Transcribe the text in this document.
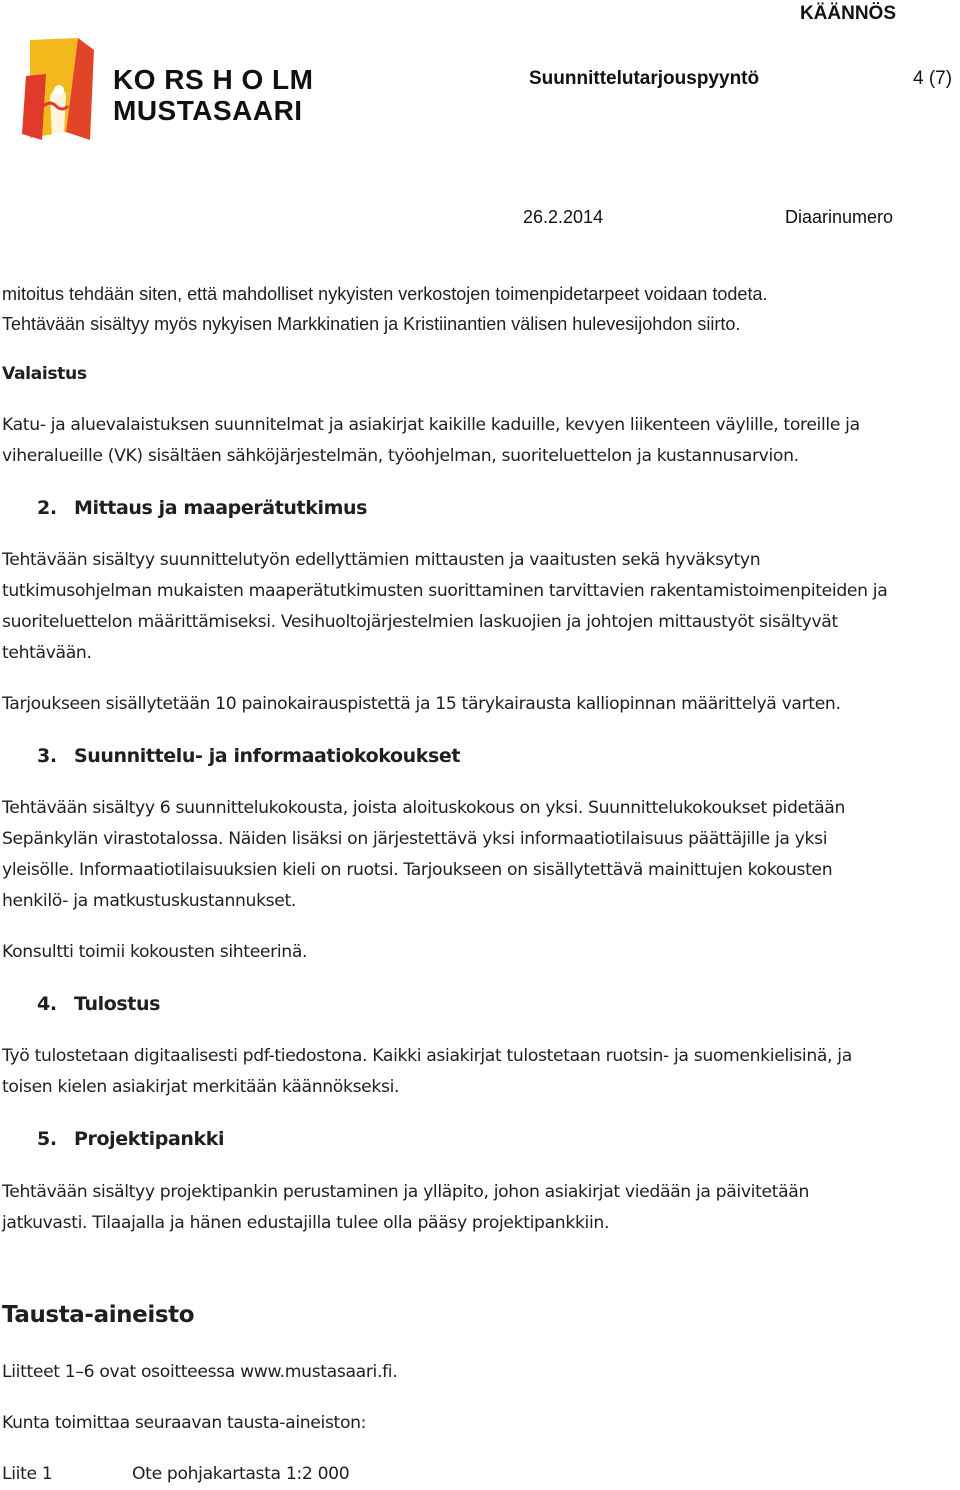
KÄÄNNÖS
KO RS H O LM
MUSTASAARI
Suunnittelutarjouspyyntö	4 (7)
26.2.2014	Diaarinumero
mitoitus tehdään siten, että mahdolliset nykyisten verkostojen toimenpidetarpeet voidaan todeta.
Tehtävään sisältyy myös nykyisen Markkinatien ja Kristiinantien välisen hulevesijohdon siirto.
Valaistus
Katu- ja aluevalaistuksen suunnitelmat ja asiakirjat kaikille kaduille, kevyen liikenteen väylille, toreille ja
viheralueille (VK) sisältäen sähköjärjestelmän, työohjelman, suoriteluettelon ja kustannusarvion.
2. Mittaus ja maaperätutkimus
Tehtävään sisältyy suunnittelutyön edellyttämien mittausten ja vaaitusten sekä hyväksytyn
tutkimusohjelman mukaisten maaperätutkimusten suorittaminen tarvittavien rakentamistoimenpiteiden ja
suoriteluettelon määrittämiseksi. Vesihuoltojärjestelmien laskuojien ja johtojen mittaustyöt sisältyvät
tehtävään.
Tarjoukseen sisällytetään 10 painokairauspistettä ja 15 tärykairausta kalliopinnan määrittelyä varten.
3. Suunnittelu- ja informaatiokokoukset
Tehtävään sisältyy 6 suunnittelukokousta, joista aloituskokous on yksi. Suunnittelukokoukset pidetään
Sepänkylän virastotalossa. Näiden lisäksi on järjestettävä yksi informaatiotilaisuus päättäjille ja yksi
yleisölle. Informaatiotilaisuuksien kieli on ruotsi. Tarjoukseen on sisällytettävä mainittujen kokousten
henkilö- ja matkustuskustannukset.
Konsultti toimii kokousten sihteerinä.
4. Tulostus
Työ tulostetaan digitaalisesti pdf-tiedostona. Kaikki asiakirjat tulostetaan ruotsin- ja suomenkielisinä, ja
toisen kielen asiakirjat merkitään käännökseksi.
5. Projektipankki
Tehtävään sisältyy projektipankin perustaminen ja ylläpito, johon asiakirjat viedään ja päivitetään
jatkuvasti. Tilaajalla ja hänen edustajilla tulee olla pääsy projektipankkiin.
Tausta-aineisto
Liitteet 1–6 ovat osoitteessa www.mustasaari.fi.
Kunta toimittaa seuraavan tausta-aineiston:
Liite 1	Ote pohjakartasta 1:2 000
